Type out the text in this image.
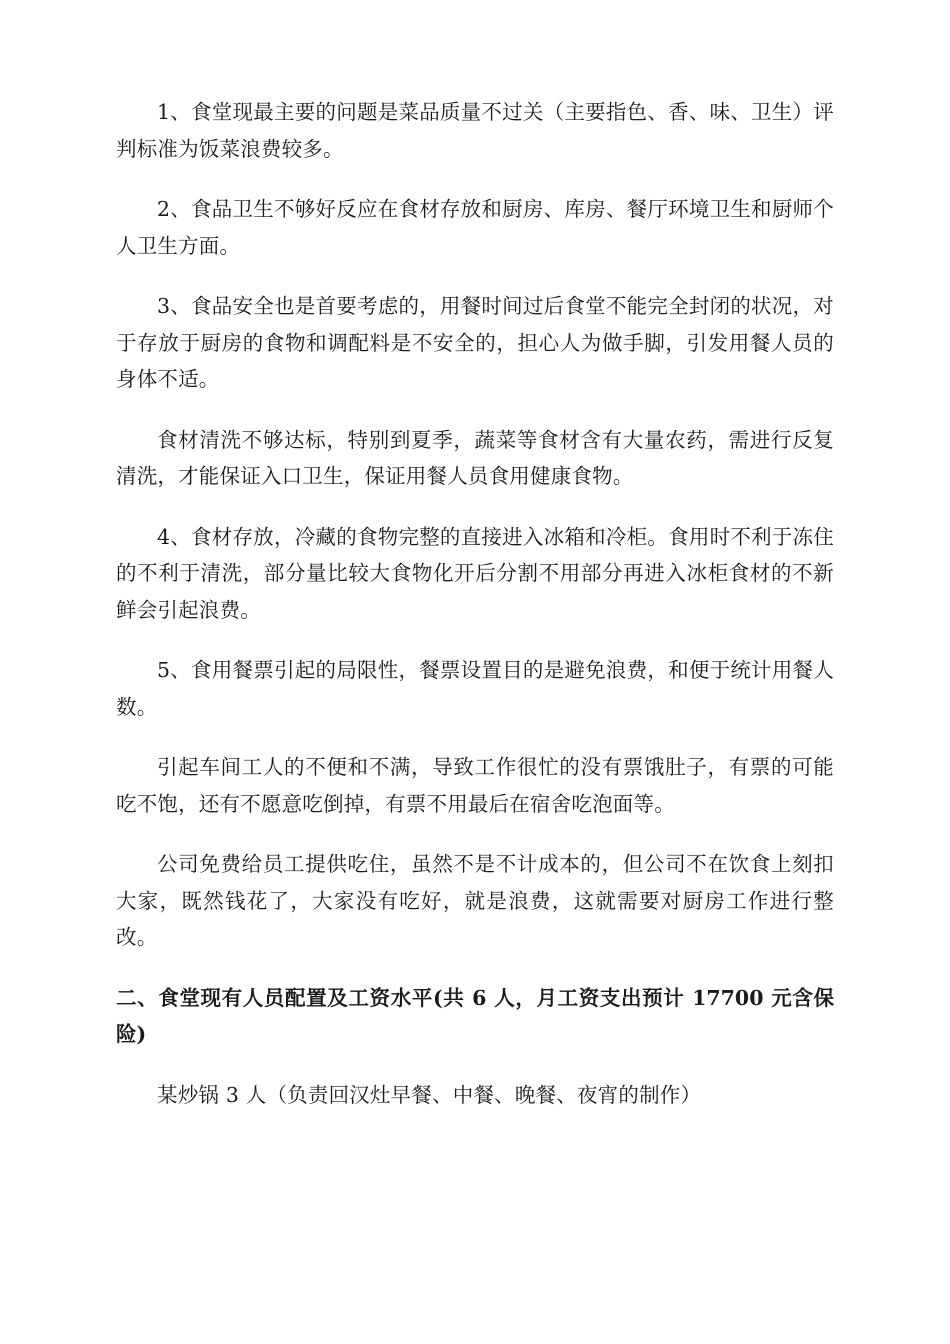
1、食堂现最主要的问题是菜品质量不过关（主要指色、香、味、卫生）评判标准为饭菜浪费较多。

2、食品卫生不够好反应在食材存放和厨房、库房、餐厅环境卫生和厨师个人卫生方面。

3、食品安全也是首要考虑的，用餐时间过后食堂不能完全封闭的状况，对于存放于厨房的食物和调配料是不安全的，担心人为做手脚，引发用餐人员的身体不适。

食材清洗不够达标，特别到夏季，蔬菜等食材含有大量农药，需进行反复清洗，才能保证入口卫生，保证用餐人员食用健康食物。

4、食材存放，冷藏的食物完整的直接进入冰箱和冷柜。食用时不利于冻住的不利于清洗，部分量比较大食物化开后分割不用部分再进入冰柜食材的不新鲜会引起浪费。

5、食用餐票引起的局限性，餐票设置目的是避免浪费，和便于统计用餐人数。

引起车间工人的不便和不满，导致工作很忙的没有票饿肚子，有票的可能吃不饱，还有不愿意吃倒掉，有票不用最后在宿舍吃泡面等。

公司免费给员工提供吃住，虽然不是不计成本的，但公司不在饮食上刻扣大家，既然钱花了，大家没有吃好，就是浪费，这就需要对厨房工作进行整改。

二、食堂现有人员配置及工资水平(共 6 人，月工资支出预计 17700 元含保险)

某炒锅 3 人（负责回汉灶早餐、中餐、晚餐、夜宵的制作）
